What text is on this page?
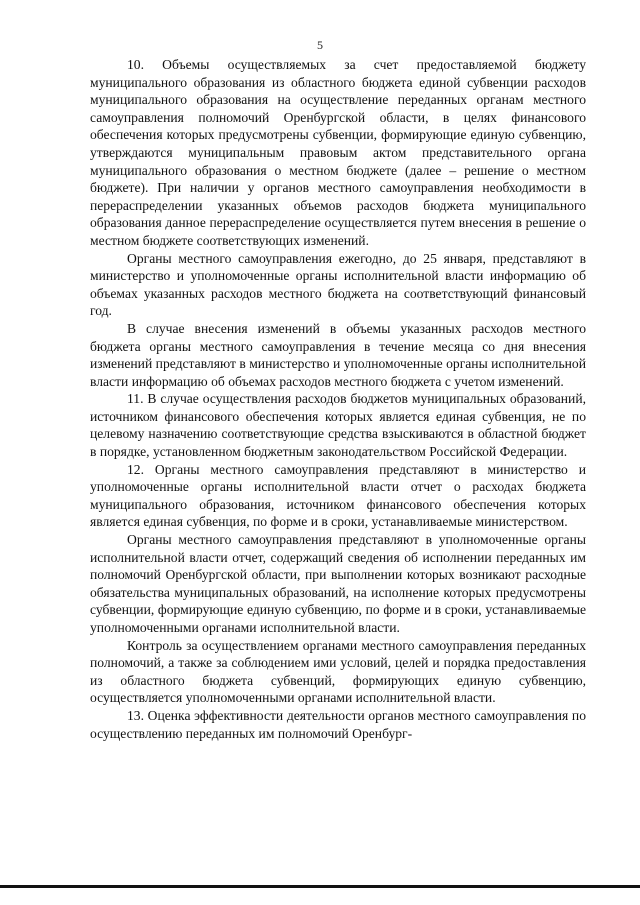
5

10. Объемы осуществляемых за счет предоставляемой бюджету муниципального образования из областного бюджета единой субвенции расходов муниципального образования на осуществление переданных органам местного самоуправления полномочий Оренбургской области, в целях финансового обеспечения которых предусмотрены субвенции, формирующие единую субвенцию, утверждаются муниципальным правовым актом представительного органа муниципального образования о местном бюджете (далее – решение о местном бюджете). При наличии у органов местного самоуправления необходимости в перераспределении указанных объемов расходов бюджета муниципального образования данное перераспределение осуществляется путем внесения в решение о местном бюджете соответствующих изменений.

Органы местного самоуправления ежегодно, до 25 января, представляют в министерство и уполномоченные органы исполнительной власти информацию об объемах указанных расходов местного бюджета на соответствующий финансовый год.

В случае внесения изменений в объемы указанных расходов местного бюджета органы местного самоуправления в течение месяца со дня внесения изменений представляют в министерство и уполномоченные органы исполнительной власти информацию об объемах расходов местного бюджета с учетом изменений.

11. В случае осуществления расходов бюджетов муниципальных образований, источником финансового обеспечения которых является единая субвенция, не по целевому назначению соответствующие средства взыскиваются в областной бюджет в порядке, установленном бюджетным законодательством Российской Федерации.

12. Органы местного самоуправления представляют в министерство и уполномоченные органы исполнительной власти отчет о расходах бюджета муниципального образования, источником финансового обеспечения которых является единая субвенция, по форме и в сроки, устанавливаемые министерством.

Органы местного самоуправления представляют в уполномоченные органы исполнительной власти отчет, содержащий сведения об исполнении переданных им полномочий Оренбургской области, при выполнении которых возникают расходные обязательства муниципальных образований, на исполнение которых предусмотрены субвенции, формирующие единую субвенцию, по форме и в сроки, устанавливаемые уполномоченными органами исполнительной власти.

Контроль за осуществлением органами местного самоуправления переданных полномочий, а также за соблюдением ими условий, целей и порядка предоставления из областного бюджета субвенций, формирующих единую субвенцию, осуществляется уполномоченными органами исполнительной власти.

13. Оценка эффективности деятельности органов местного самоуправления по осуществлению переданных им полномочий Оренбург-
